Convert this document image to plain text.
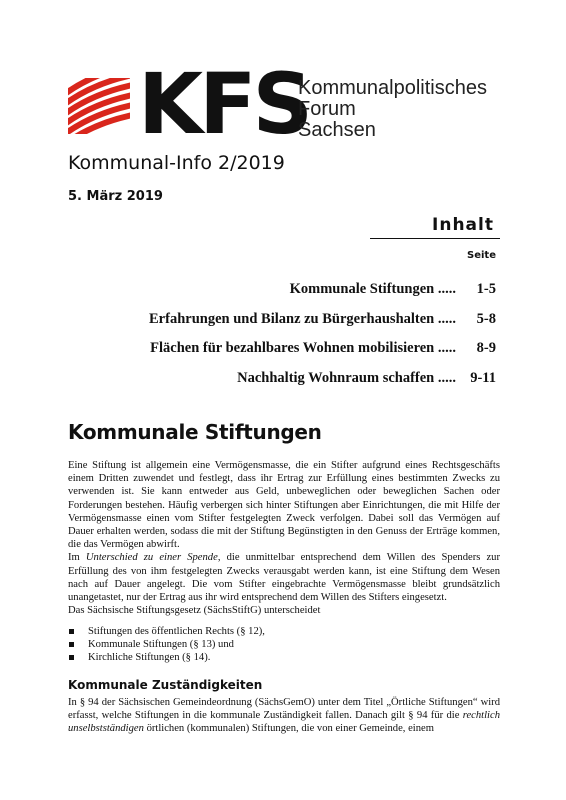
KFS
Kommunalpolitisches
Forum
Sachsen
Kommunal-Info 2/2019
5. März 2019
Inhalt
Seite
Kommunale Stiftungen .....	1-5
Erfahrungen und Bilanz zu Bürgerhaushalten .....	5-8
Flächen für bezahlbares Wohnen mobilisieren .....	8-9
Nachhaltig Wohnraum schaffen ..... 9-11
Kommunale Stiftungen

Eine Stiftung ist allgemein eine Vermögensmasse, die ein Stifter aufgrund eines Rechtsgeschäfts einem Dritten zuwendet und festlegt, dass ihr Ertrag zur Erfüllung eines bestimmten Zwecks zu verwenden ist. Sie kann entweder aus Geld, unbeweglichen oder beweglichen Sachen oder Forderungen bestehen. Häufig verbergen sich hinter Stiftungen aber Einrichtungen, die mit Hilfe der Vermögensmasse einen vom Stifter festgelegten Zweck verfolgen. Dabei soll das Vermögen auf Dauer erhalten werden, sodass die mit der Stiftung Begünstigten in den Genuss der Erträge kommen, die das Vermögen abwirft.

Im Unterschied zu einer Spende, die unmittelbar entsprechend dem Willen des Spenders zur Erfüllung des von ihm festgelegten Zwecks verausgabt werden kann, ist eine Stiftung dem Wesen nach auf Dauer angelegt. Die vom Stifter eingebrachte Vermögensmasse bleibt grundsätzlich unangetastet, nur der Ertrag aus ihr wird entsprechend dem Willen des Stifters eingesetzt.

Das Sächsische Stiftungsgesetz (SächsStiftG) unterscheidet

Stiftungen des öffentlichen Rechts (§ 12),
Kommunale Stiftungen (§ 13) und
Kirchliche Stiftungen (§ 14).
Kommunale Zuständigkeiten

In § 94 der Sächsischen Gemeindeordnung (SächsGemO) unter dem Titel „Örtliche Stiftungen“ wird erfasst, welche Stiftungen in die kommunale Zuständigkeit fallen. Danach gilt § 94 für die rechtlich unselbstständigen örtlichen (kommunalen) Stiftungen, die von einer Gemeinde, einem
